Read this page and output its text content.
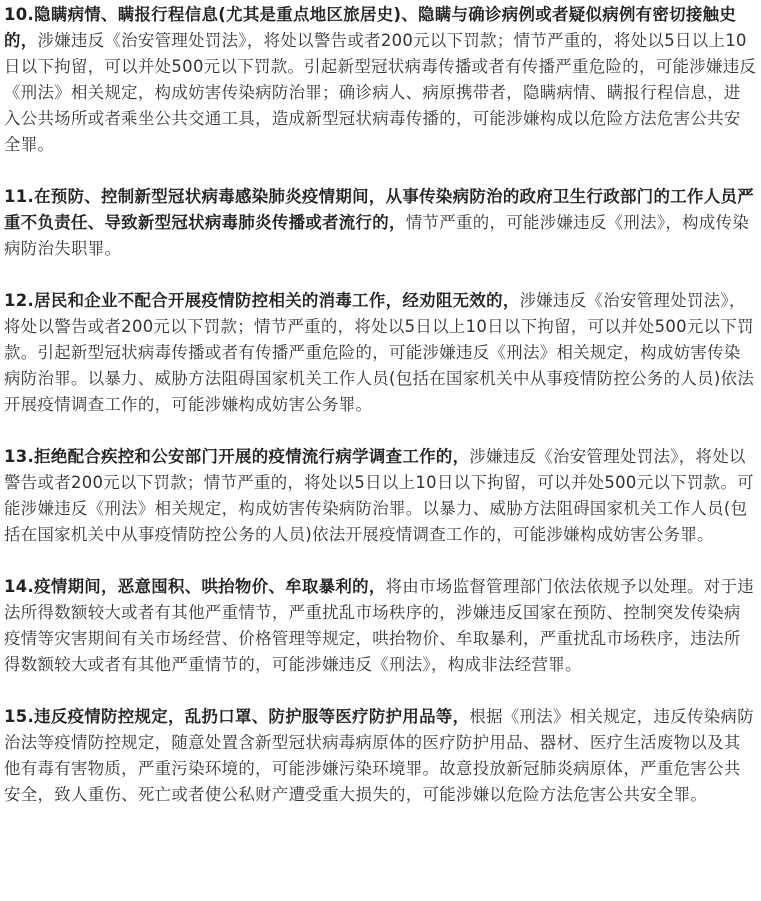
10.隐瞒病情、瞒报行程信息(尤其是重点地区旅居史)、隐瞒与确诊病例或者疑似病例有密切接触史的，涉嫌违反《治安管理处罚法》，将处以警告或者200元以下罚款；情节严重的，将处以5日以上10日以下拘留，可以并处500元以下罚款。引起新型冠状病毒传播或者有传播严重危险的，可能涉嫌违反《刑法》相关规定，构成妨害传染病防治罪；确诊病人、病原携带者，隐瞒病情、瞒报行程信息，进入公共场所或者乘坐公共交通工具，造成新型冠状病毒传播的，可能涉嫌构成以危险方法危害公共安全罪。

11.在预防、控制新型冠状病毒感染肺炎疫情期间，从事传染病防治的政府卫生行政部门的工作人员严重不负责任、导致新型冠状病毒肺炎传播或者流行的，情节严重的，可能涉嫌违反《刑法》，构成传染病防治失职罪。

12.居民和企业不配合开展疫情防控相关的消毒工作，经劝阻无效的，涉嫌违反《治安管理处罚法》，将处以警告或者200元以下罚款；情节严重的，将处以5日以上10日以下拘留，可以并处500元以下罚款。引起新型冠状病毒传播或者有传播严重危险的，可能涉嫌违反《刑法》相关规定，构成妨害传染病防治罪。以暴力、威胁方法阻碍国家机关工作人员(包括在国家机关中从事疫情防控公务的人员)依法开展疫情调查工作的，可能涉嫌构成妨害公务罪。

13.拒绝配合疾控和公安部门开展的疫情流行病学调查工作的，涉嫌违反《治安管理处罚法》，将处以警告或者200元以下罚款；情节严重的，将处以5日以上10日以下拘留，可以并处500元以下罚款。可能涉嫌违反《刑法》相关规定，构成妨害传染病防治罪。以暴力、威胁方法阻碍国家机关工作人员(包括在国家机关中从事疫情防控公务的人员)依法开展疫情调查工作的，可能涉嫌构成妨害公务罪。

14.疫情期间，恶意囤积、哄抬物价、牟取暴利的，将由市场监督管理部门依法依规予以处理。对于违法所得数额较大或者有其他严重情节，严重扰乱市场秩序的，涉嫌违反国家在预防、控制突发传染病疫情等灾害期间有关市场经营、价格管理等规定，哄抬物价、牟取暴利，严重扰乱市场秩序，违法所得数额较大或者有其他严重情节的，可能涉嫌违反《刑法》，构成非法经营罪。

15.违反疫情防控规定，乱扔口罩、防护服等医疗防护用品等，根据《刑法》相关规定，违反传染病防治法等疫情防控规定，随意处置含新型冠状病毒病原体的医疗防护用品、器材、医疗生活废物以及其他有毒有害物质，严重污染环境的，可能涉嫌污染环境罪。故意投放新冠肺炎病原体，严重危害公共安全，致人重伤、死亡或者使公私财产遭受重大损失的，可能涉嫌以危险方法危害公共安全罪。
